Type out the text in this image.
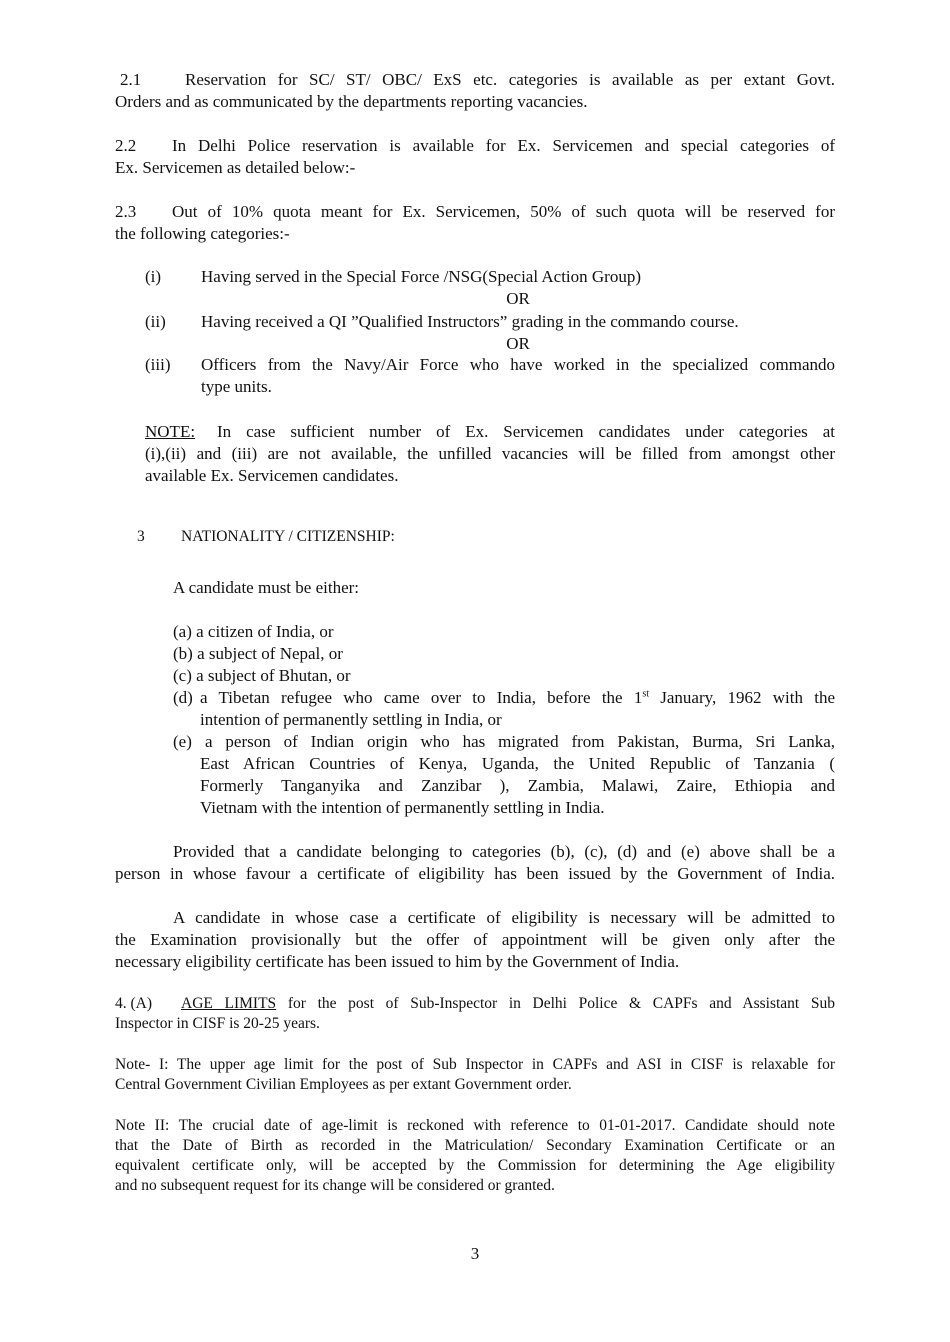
2.1	Reservation for SC/ ST/ OBC/ ExS etc. categories is available as per extant Govt.
Orders and as communicated by the departments reporting vacancies.
2.2 In Delhi Police reservation is available for Ex. Servicemen and special categories of
Ex. Servicemen as detailed below:-
2.3 Out of 10% quota meant for Ex. Servicemen, 50% of such quota will be reserved for
the following categories:-
(i) Having served in the Special Force /NSG(Special Action Group)
OR
(ii) Having received a QI ”Qualified Instructors” grading in the commando course.
OR
(iii) Officers from the Navy/Air Force who have worked in the specialized commando
type units.
NOTE: In case sufficient number of Ex. Servicemen candidates under categories at
(i),(ii) and (iii) are not available, the unfilled vacancies will be filled from amongst other
available Ex. Servicemen candidates.
3 NATIONALITY / CITIZENSHIP:
A candidate must be either:
(a) a citizen of India, or
(b) a subject of Nepal, or
(c) a subject of Bhutan, or
(d) a Tibetan refugee who came over to India, before the 1st January, 1962 with the
intention of permanently settling in India, or
(e) a person of Indian origin who has migrated from Pakistan, Burma, Sri Lanka,
East African Countries of Kenya, Uganda, the United Republic of Tanzania (
Formerly Tanganyika and Zanzibar ), Zambia, Malawi, Zaire, Ethiopia and
Vietnam with the intention of permanently settling in India.
Provided that a candidate belonging to categories (b), (c), (d) and (e) above shall be a
person in whose favour a certificate of eligibility has been issued by the Government of India.
A candidate in whose case a certificate of eligibility is necessary will be admitted to
the Examination provisionally but the offer of appointment will be given only after the
necessary eligibility certificate has been issued to him by the Government of India.
4. (A) AGE LIMITS for the post of Sub-Inspector in Delhi Police & CAPFs and Assistant Sub
Inspector in CISF is 20-25 years.
Note- I: The upper age limit for the post of Sub Inspector in CAPFs and ASI in CISF is relaxable for
Central Government Civilian Employees as per extant Government order.
Note II: The crucial date of age-limit is reckoned with reference to 01-01-2017. Candidate should note
that the Date of Birth as recorded in the Matriculation/ Secondary Examination Certificate or an
equivalent certificate only, will be accepted by the Commission for determining the Age eligibility
and no subsequent request for its change will be considered or granted.
3
